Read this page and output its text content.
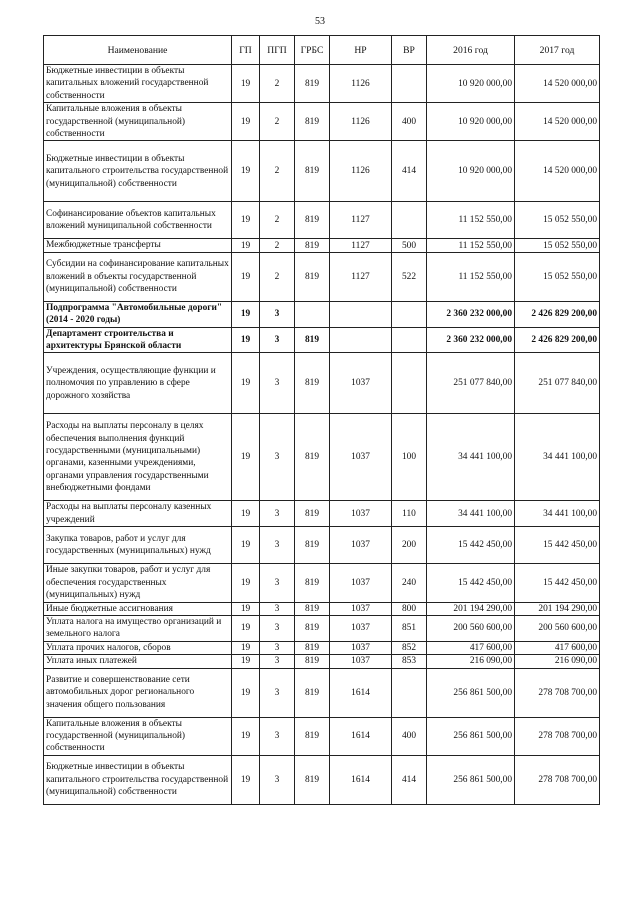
53
Наименование	ГП	ПГП	ГРБС	НР	ВР	2016 год	2017 год
Бюджетные инвестиции в объекты капитальных вложений государственной собственности	19	2	819	1126		10 920 000,00	14 520 000,00
Капитальные вложения в объекты государственной (муниципальной) собственности	19	2	819	1126	400	10 920 000,00	14 520 000,00
Бюджетные инвестиции в объекты капитального строительства государственной (муниципальной) собственности	19	2	819	1126	414	10 920 000,00	14 520 000,00
Софинансирование объектов капитальных вложений муниципальной собственности	19	2	819	1127		11 152 550,00	15 052 550,00
Межбюджетные трансферты	19	2	819	1127	500	11 152 550,00	15 052 550,00
Субсидии на софинансирование капитальных вложений в объекты государственной (муниципальной) собственности	19	2	819	1127	522	11 152 550,00	15 052 550,00
Подпрограмма "Автомобильные дороги" (2014 - 2020 годы)	19	3				2 360 232 000,00	2 426 829 200,00
Департамент строительства и архитектуры Брянской области	19	3	819			2 360 232 000,00	2 426 829 200,00
Учреждения, осуществляющие функции и полномочия по управлению в сфере дорожного хозяйства	19	3	819	1037		251 077 840,00	251 077 840,00
Расходы на выплаты персоналу в целях обеспечения выполнения функций государственными (муниципальными) органами, казенными учреждениями, органами управления государственными внебюджетными фондами	19	3	819	1037	100	34 441 100,00	34 441 100,00
Расходы на выплаты персоналу казенных учреждений	19	3	819	1037	110	34 441 100,00	34 441 100,00
Закупка товаров, работ и услуг для государственных (муниципальных) нужд	19	3	819	1037	200	15 442 450,00	15 442 450,00
Иные закупки товаров, работ и услуг для обеспечения государственных (муниципальных) нужд	19	3	819	1037	240	15 442 450,00	15 442 450,00
Иные бюджетные ассигнования	19	3	819	1037	800	201 194 290,00	201 194 290,00
Уплата налога на имущество организаций и земельного налога	19	3	819	1037	851	200 560 600,00	200 560 600,00
Уплата прочих налогов, сборов	19	3	819	1037	852	417 600,00	417 600,00
Уплата иных платежей	19	3	819	1037	853	216 090,00	216 090,00
Развитие и совершенствование сети автомобильных дорог регионального значения общего пользования	19	3	819	1614		256 861 500,00	278 708 700,00
Капитальные вложения в объекты государственной (муниципальной) собственности	19	3	819	1614	400	256 861 500,00	278 708 700,00
Бюджетные инвестиции в объекты капитального строительства государственной (муниципальной) собственности	19	3	819	1614	414	256 861 500,00	278 708 700,00
